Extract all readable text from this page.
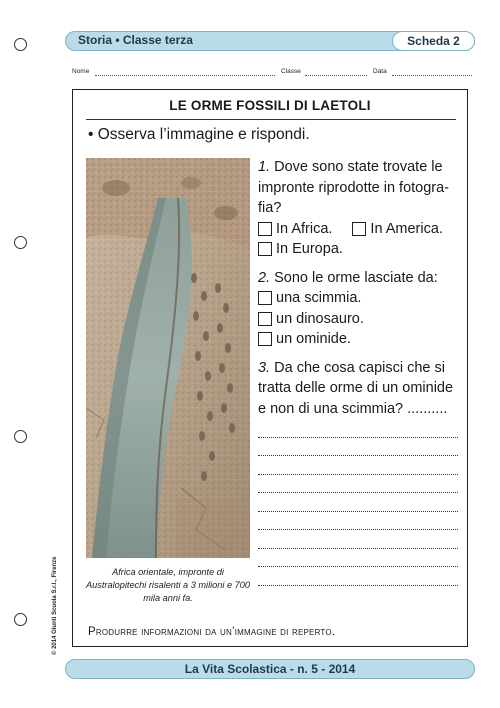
Storia • Classe terza	Scheda 2
Nome	Classe	Data
LE ORME FOSSILI DI LAETOLI
• Osserva l’immagine e rispondi.
Africa orientale, impronte di Australopitechi risalenti a 3 milioni e 700 mila anni fa.
1. Dove sono state trovate le impronte riprodotte in fotogra-fia?
In Africa.	In America.
In Europa.
2. Sono le orme lasciate da:
una scimmia.
un dinosauro.
un ominide.
3. Da che cosa capisci che si tratta delle orme di un ominide e non di una scimmia? ..........
Produrre informazioni da un’immagine di reperto.
© 2014 Giunti Scuola S.r.l., Firenze
La Vita Scolastica - n. 5 - 2014
